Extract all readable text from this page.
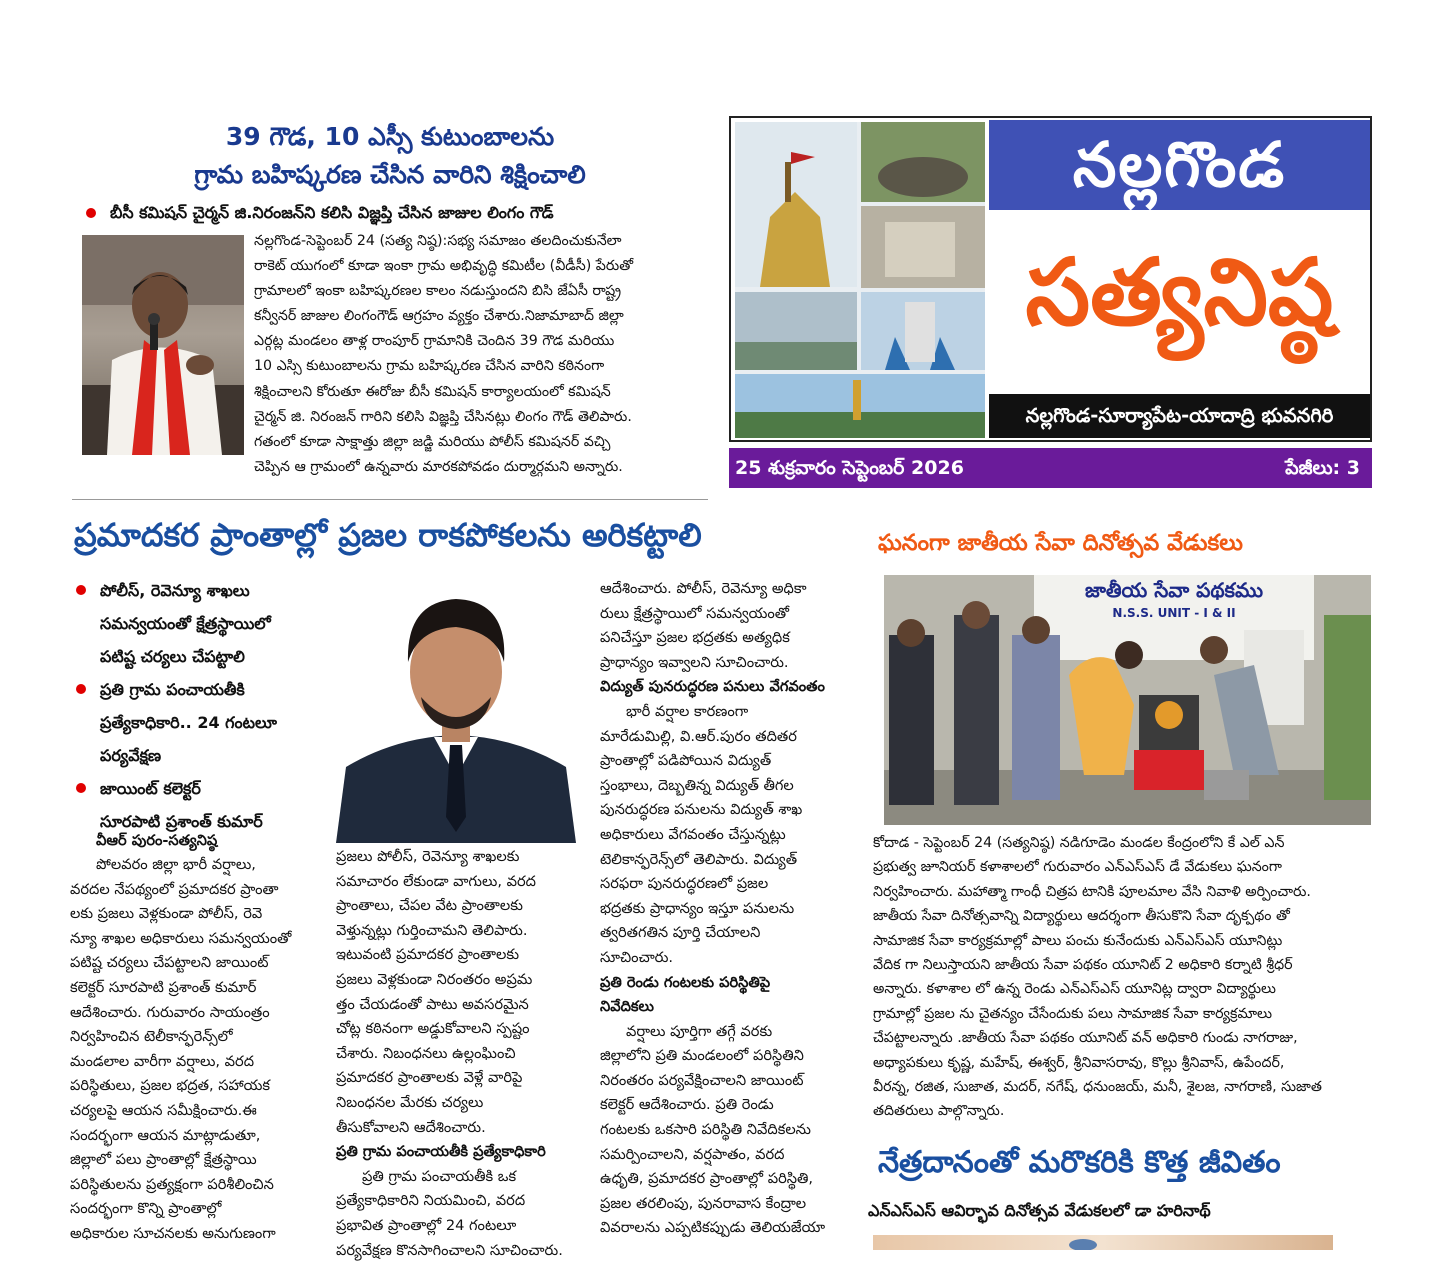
39 గౌడ, 10 ఎస్సీ కుటుంబాలను
గ్రామ బహిష్కరణ చేసిన వారిని శిక్షించాలి
బీసీ కమిషన్ చైర్మన్ జి.నిరంజన్‌ని కలిసి విజ్ఞప్తి చేసిన జాజుల లింగం గౌడ్

నల్లగొండ-సెప్టెంబర్ 24 (సత్య నిష్ఠ):సభ్య సమాజం తలదించుకునేలా

రాకెట్ యుగంలో కూడా ఇంకా గ్రామ అభివృద్ధి కమిటీల (వీడీసీ) పేరుతో

గ్రామాలలో ఇంకా బహిష్కరణల కాలం నడుస్తుందని బిసి జేఏసీ రాష్ట్ర

కన్వీనర్ జాజుల లింగంగౌడ్ ఆగ్రహం వ్యక్తం చేశారు.నిజామాబాద్ జిల్లా

ఎర్గట్ల మండలం తాళ్ల రాంపూర్ గ్రామానికి చెందిన 39 గౌడ మరియు

10 ఎస్సి కుటుంబాలను గ్రామ బహిష్కరణ చేసిన వారిని కఠినంగా

శిక్షించాలని కోరుతూ ఈరోజు బీసీ కమిషన్ కార్యాలయంలో కమిషన్

చైర్మన్ జి. నిరంజన్ గారిని కలిసి విజ్ఞప్తి చేసినట్లు లింగం గౌడ్ తెలిపారు.

గతంలో కూడా సాక్షాత్తు జిల్లా జడ్జి మరియు పోలీస్ కమిషనర్ వచ్చి

చెప్పిన ఆ గ్రామంలో ఉన్నవారు మారకపోవడం దుర్మార్గమని అన్నారు.

నల్లగొండ
సత్యనిష్ఠ
నల్లగొండ-సూర్యాపేట-యాదాద్రి భువనగిరి
25 శుక్రవారం సెప్టెంబర్ 2026	పేజీలు: 3
ప్రమాదకర ప్రాంతాల్లో ప్రజల రాకపోకలను అరికట్టాలి
పోలీస్, రెవెన్యూ శాఖలు
సమన్వయంతో క్షేత్రస్థాయిలో
పటిష్ట చర్యలు చేపట్టాలి
ప్రతి గ్రామ పంచాయతీకి
ప్రత్యేకాధికారి.. 24 గంటలూ
పర్యవేక్షణ
జాయింట్ కలెక్టర్
సూరపాటి ప్రశాంత్ కుమార్
వీఆర్ పురం-సత్యనిష్ఠ

పోలవరం జిల్లా భారీ వర్షాలు,

వరదల నేపథ్యంలో ప్రమాదకర ప్రాంతా

లకు ప్రజలు వెళ్లకుండా పోలీస్, రెవె

న్యూ శాఖల అధికారులు సమన్వయంతో

పటిష్ట చర్యలు చేపట్టాలని జాయింట్

కలెక్టర్ సూరపాటి ప్రశాంత్ కుమార్

ఆదేశించారు. గురువారం సాయంత్రం

నిర్వహించిన టెలీకాన్ఫరెన్స్‌లో

మండలాల వారీగా వర్షాలు, వరద

పరిస్థితులు, ప్రజల భద్రత, సహాయక

చర్యలపై ఆయన సమీక్షించారు.ఈ

సందర్భంగా ఆయన మాట్లాడుతూ,

జిల్లాలో పలు ప్రాంతాల్లో క్షేత్రస్థాయి

పరిస్థితులను ప్రత్యక్షంగా పరిశీలించిన

సందర్భంగా కొన్ని ప్రాంతాల్లో

అధికారుల సూచనలకు అనుగుణంగా

ప్రజలు పోలీస్, రెవెన్యూ శాఖలకు

సమాచారం లేకుండా వాగులు, వరద

ప్రాంతాలు, చేపల వేట ప్రాంతాలకు

వెళ్తున్నట్లు గుర్తించామని తెలిపారు.

ఇటువంటి ప్రమాదకర ప్రాంతాలకు

ప్రజలు వెళ్లకుండా నిరంతరం అప్రమ

త్తం చేయడంతో పాటు అవసరమైన

చోట్ల కఠినంగా అడ్డుకోవాలని స్పష్టం

చేశారు. నిబంధనలు ఉల్లంఘించి

ప్రమాదకర ప్రాంతాలకు వెళ్లే వారిపై

నిబంధనల మేరకు చర్యలు

తీసుకోవాలని ఆదేశించారు.

ప్రతి గ్రామ పంచాయతీకి ప్రత్యేకాధికారి

ప్రతి గ్రామ పంచాయతీకి ఒక

ప్రత్యేకాధికారిని నియమించి, వరద

ప్రభావిత ప్రాంతాల్లో 24 గంటలూ

పర్యవేక్షణ కొనసాగించాలని సూచించారు.

ఆదేశించారు. పోలీస్, రెవెన్యూ అధికా

రులు క్షేత్రస్థాయిలో సమన్వయంతో

పనిచేస్తూ ప్రజల భద్రతకు అత్యధిక

ప్రాధాన్యం ఇవ్వాలని సూచించారు.

విద్యుత్ పునరుద్ధరణ పనులు వేగవంతం

భారీ వర్షాల కారణంగా

మారేడుమిల్లి, వి.ఆర్.పురం తదితర

ప్రాంతాల్లో పడిపోయిన విద్యుత్

స్తంభాలు, దెబ్బతిన్న విద్యుత్ తీగల

పునరుద్ధరణ పనులను విద్యుత్ శాఖ

అధికారులు వేగవంతం చేస్తున్నట్లు

టెలికాన్ఫరెన్స్‌లో తెలిపారు. విద్యుత్

సరఫరా పునరుద్ధరణలో ప్రజల

భద్రతకు ప్రాధాన్యం ఇస్తూ పనులను

త్వరితగతిన పూర్తి చేయాలని

సూచించారు.

ప్రతి రెండు గంటలకు పరిస్థితిపై

నివేదికలు

వర్షాలు పూర్తిగా తగ్గే వరకు

జిల్లాలోని ప్రతి మండలంలో పరిస్థితిని

నిరంతరం పర్యవేక్షించాలని జాయింట్

కలెక్టర్ ఆదేశించారు. ప్రతి రెండు

గంటలకు ఒకసారి పరిస్థితి నివేదికలను

సమర్పించాలని, వర్షపాతం, వరద

ఉధృతి, ప్రమాదకర ప్రాంతాల్లో పరిస్థితి,

ప్రజల తరలింపు, పునరావాస కేంద్రాల

వివరాలను ఎప్పటికప్పుడు తెలియజేయా

ఘనంగా జాతీయ సేవా దినోత్సవ వేడుకలు
జాతీయ సేవా పథకము
N.S.S. UNIT - I & II

కోదాడ - సెప్టెంబర్ 24 (సత్యనిష్ఠ) నడిగూడెం మండల కేంద్రంలోని కే ఎల్ ఎన్

ప్రభుత్వ జూనియర్ కళాశాలలో గురువారం ఎన్ఎస్ఎస్ డే వేడుకలు ఘనంగా

నిర్వహించారు. మహాత్మా గాంధీ చిత్రప టానికి పూలమాల వేసి నివాళి అర్పించారు.

జాతీయ సేవా దినోత్సవాన్ని విద్యార్థులు ఆదర్శంగా తీసుకొని సేవా దృక్పథం తో

సామాజిక సేవా కార్యక్రమాల్లో పాలు పంచు కునేందుకు ఎన్ఎస్ఎస్ యూనిట్లు

వేదిక గా నిలుస్తాయని జాతీయ సేవా పథకం యూనిట్ 2 అధికారి కర్నాటి శ్రీధర్

అన్నారు. కళాశాల లో ఉన్న రెండు ఎన్ఎస్ఎస్ యూనిట్ల ద్వారా విద్యార్థులు

గ్రామాల్లో ప్రజల ను చైతన్యం చేసేందుకు పలు సామాజిక సేవా కార్యక్రమాలు

చేపట్టాలన్నారు .జాతీయ సేవా పథకం యూనిట్ వన్ అధికారి గుండు నాగరాజు,

అధ్యాపకులు కృష్ణ, మహేష్, ఈశ్వర్, శ్రీనివాసరావు, కొల్లు శ్రీనివాస్, ఉపేందర్,

వీరన్న, రజిత, సుజాత, మదర్, నగేష్, ధనుంజయ్, మనీ, శైలజ, నాగరాణి, సుజాత

తదితరులు పాల్గొన్నారు.

నేత్రదానంతో మరొకరికి కొత్త జీవితం
ఎన్ఎస్ఎస్ ఆవిర్భావ దినోత్సవ వేడుకలలో డా హరినాథ్
